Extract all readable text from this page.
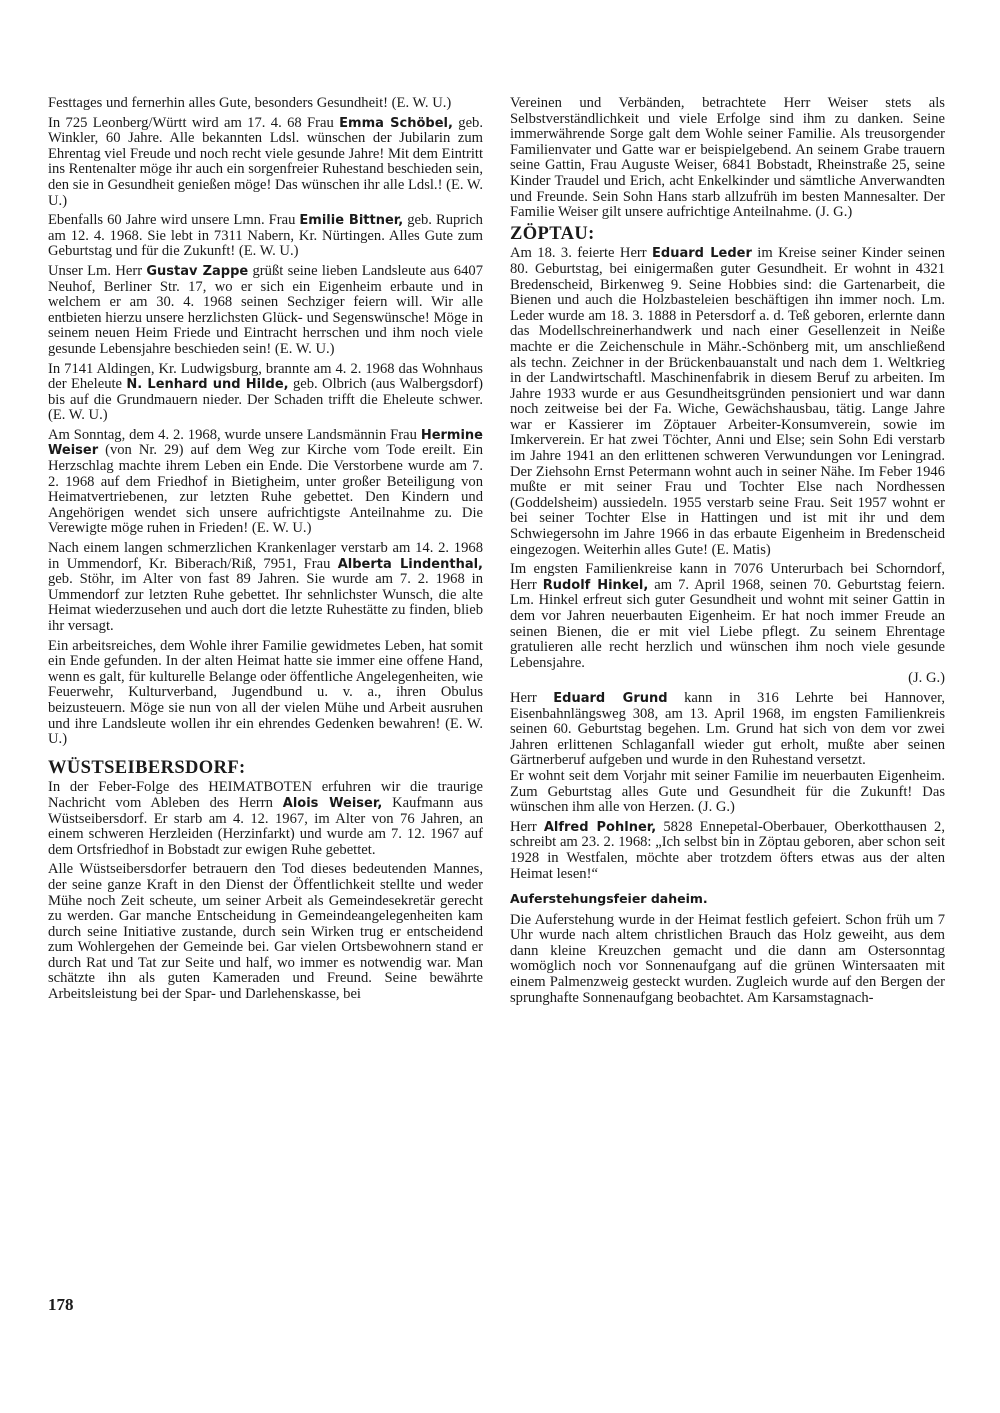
Festtages und fernerhin alles Gute, besonders Gesundheit! (E. W. U.)

In 725 Leonberg/Württ wird am 17. 4. 68 Frau Emma Schöbel, geb. Winkler, 60 Jahre. Alle bekannten Ldsl. wünschen der Jubilarin zum Ehrentag viel Freude und noch recht viele gesunde Jahre! Mit dem Eintritt ins Rentenalter möge ihr auch ein sorgenfreier Ruhestand beschieden sein, den sie in Gesundheit genießen möge! Das wünschen ihr alle Ldsl.! (E. W. U.)

Ebenfalls 60 Jahre wird unsere Lmn. Frau Emilie Bittner, geb. Ruprich am 12. 4. 1968. Sie lebt in 7311 Nabern, Kr. Nürtingen. Alles Gute zum Geburtstag und für die Zukunft! (E. W. U.)

Unser Lm. Herr Gustav Zappe grüßt seine lieben Landsleute aus 6407 Neuhof, Berliner Str. 17, wo er sich ein Eigenheim erbaute und in welchem er am 30. 4. 1968 seinen Sechziger feiern will. Wir alle entbieten hierzu unsere herzlichsten Glück- und Segenswünsche! Möge in seinem neuen Heim Friede und Eintracht herrschen und ihm noch viele gesunde Lebensjahre beschieden sein! (E. W. U.)

In 7141 Aldingen, Kr. Ludwigsburg, brannte am 4. 2. 1968 das Wohnhaus der Eheleute N. Lenhard und Hilde, geb. Olbrich (aus Walbergsdorf) bis auf die Grundmauern nieder. Der Schaden trifft die Eheleute schwer. (E. W. U.)

Am Sonntag, dem 4. 2. 1968, wurde unsere Landsmännin Frau Hermine Weiser (von Nr. 29) auf dem Weg zur Kirche vom Tode ereilt. Ein Herzschlag machte ihrem Leben ein Ende. Die Verstorbene wurde am 7. 2. 1968 auf dem Friedhof in Bietigheim, unter großer Beteiligung von Heimatvertriebenen, zur letzten Ruhe gebettet. Den Kindern und Angehörigen wendet sich unsere aufrichtigste Anteilnahme zu. Die Verewigte möge ruhen in Frieden! (E. W. U.)

Nach einem langen schmerzlichen Krankenlager verstarb am 14. 2. 1968 in Ummendorf, Kr. Biberach/Riß, 7951, Frau Alberta Lindenthal, geb. Stöhr, im Alter von fast 89 Jahren. Sie wurde am 7. 2. 1968 in Ummendorf zur letzten Ruhe gebettet. Ihr sehnlichster Wunsch, die alte Heimat wiederzusehen und auch dort die letzte Ruhestätte zu finden, blieb ihr versagt.

Ein arbeitsreiches, dem Wohle ihrer Familie gewidmetes Leben, hat somit ein Ende gefunden. In der alten Heimat hatte sie immer eine offene Hand, wenn es galt, für kulturelle Belange oder öffentliche Angelegenheiten, wie Feuerwehr, Kulturverband, Jugendbund u. v. a., ihren Obulus beizusteuern. Möge sie nun von all der vielen Mühe und Arbeit ausruhen und ihre Landsleute wollen ihr ein ehrendes Gedenken bewahren! (E. W. U.)

WÜSTSEIBERSDORF:

In der Feber-Folge des HEIMATBOTEN erfuhren wir die traurige Nachricht vom Ableben des Herrn Alois Weiser, Kaufmann aus Wüstseibersdorf. Er starb am 4. 12. 1967, im Alter von 76 Jahren, an einem schweren Herzleiden (Herzinfarkt) und wurde am 7. 12. 1967 auf dem Ortsfriedhof in Bobstadt zur ewigen Ruhe gebettet.

Alle Wüstseibersdorfer betrauern den Tod dieses bedeutenden Mannes, der seine ganze Kraft in den Dienst der Öffentlichkeit stellte und weder Mühe noch Zeit scheute, um seiner Arbeit als Gemeindesekretär gerecht zu werden. Gar manche Entscheidung in Gemeindeangelegenheiten kam durch seine Initiative zustande, durch sein Wirken trug er entscheidend zum Wohlergehen der Gemeinde bei. Gar vielen Ortsbewohnern stand er durch Rat und Tat zur Seite und half, wo immer es notwendig war. Man schätzte ihn als guten Kameraden und Freund. Seine bewährte Arbeitsleistung bei der Spar- und Darlehenskasse, bei

Vereinen und Verbänden, betrachtete Herr Weiser stets als Selbstverständlichkeit und viele Erfolge sind ihm zu danken. Seine immerwährende Sorge galt dem Wohle seiner Familie. Als treusorgender Familienvater und Gatte war er beispielgebend. An seinem Grabe trauern seine Gattin, Frau Auguste Weiser, 6841 Bobstadt, Rheinstraße 25, seine Kinder Traudel und Erich, acht Enkelkinder und sämtliche Anverwandten und Freunde. Sein Sohn Hans starb allzufrüh im besten Mannesalter. Der Familie Weiser gilt unsere aufrichtige Anteilnahme. (J. G.)

ZÖPTAU:

Am 18. 3. feierte Herr Eduard Leder im Kreise seiner Kinder seinen 80. Geburtstag, bei einigermaßen guter Gesundheit. Er wohnt in 4321 Bredenscheid, Birkenweg 9. Seine Hobbies sind: die Gartenarbeit, die Bienen und auch die Holzbasteleien beschäftigen ihn immer noch. Lm. Leder wurde am 18. 3. 1888 in Petersdorf a. d. Teß geboren, erlernte dann das Modellschreinerhandwerk und nach einer Gesellenzeit in Neiße machte er die Zeichenschule in Mähr.-Schönberg mit, um anschließend als techn. Zeichner in der Brückenbauanstalt und nach dem 1. Weltkrieg in der Landwirtschaftl. Maschinenfabrik in diesem Beruf zu arbeiten. Im Jahre 1933 wurde er aus Gesundheitsgründen pensioniert und war dann noch zeitweise bei der Fa. Wiche, Gewächshausbau, tätig. Lange Jahre war er Kassierer im Zöptauer Arbeiter-Konsumverein, sowie im Imkerverein. Er hat zwei Töchter, Anni und Else; sein Sohn Edi verstarb im Jahre 1941 an den erlittenen schweren Verwundungen vor Leningrad. Der Ziehsohn Ernst Petermann wohnt auch in seiner Nähe. Im Feber 1946 mußte er mit seiner Frau und Tochter Else nach Nordhessen (Goddelsheim) aussiedeln. 1955 verstarb seine Frau. Seit 1957 wohnt er bei seiner Tochter Else in Hattingen und ist mit ihr und dem Schwiegersohn im Jahre 1966 in das erbaute Eigenheim in Bredenscheid eingezogen. Weiterhin alles Gute! (E. Matis)

Im engsten Familienkreise kann in 7076 Unterurbach bei Schorndorf, Herr Rudolf Hinkel, am 7. April 1968, seinen 70. Geburtstag feiern. Lm. Hinkel erfreut sich guter Gesundheit und wohnt mit seiner Gattin in dem vor Jahren neuerbauten Eigenheim. Er hat noch immer Freude an seinen Bienen, die er mit viel Liebe pflegt. Zu seinem Ehrentage gratulieren alle recht herzlich und wünschen ihm noch viele gesunde Lebensjahre.

(J. G.)

Herr Eduard Grund kann in 316 Lehrte bei Hannover, Eisenbahnlängsweg 308, am 13. April 1968, im engsten Familienkreis seinen 60. Geburtstag begehen. Lm. Grund hat sich von dem vor zwei Jahren erlittenen Schlaganfall wieder gut erholt, mußte aber seinen Gärtnerberuf aufgeben und wurde in den Ruhestand versetzt.

Er wohnt seit dem Vorjahr mit seiner Familie im neuerbauten Eigenheim. Zum Geburtstag alles Gute und Gesundheit für die Zukunft! Das wünschen ihm alle von Herzen. (J. G.)

Herr Alfred Pohlner, 5828 Ennepetal-Oberbauer, Oberkotthausen 2, schreibt am 23. 2. 1968: „Ich selbst bin in Zöptau geboren, aber schon seit 1928 in Westfalen, möchte aber trotzdem öfters etwas aus der alten Heimat lesen!“

Auferstehungsfeier daheim.

Die Auferstehung wurde in der Heimat festlich gefeiert. Schon früh um 7 Uhr wurde nach altem christlichen Brauch das Holz geweiht, aus dem dann kleine Kreuzchen gemacht und die dann am Ostersonntag womöglich noch vor Sonnenaufgang auf die grünen Wintersaaten mit einem Palmenzweig gesteckt wurden. Zugleich wurde auf den Bergen der sprunghafte Sonnenaufgang beobachtet. Am Karsamstagnach-

178
